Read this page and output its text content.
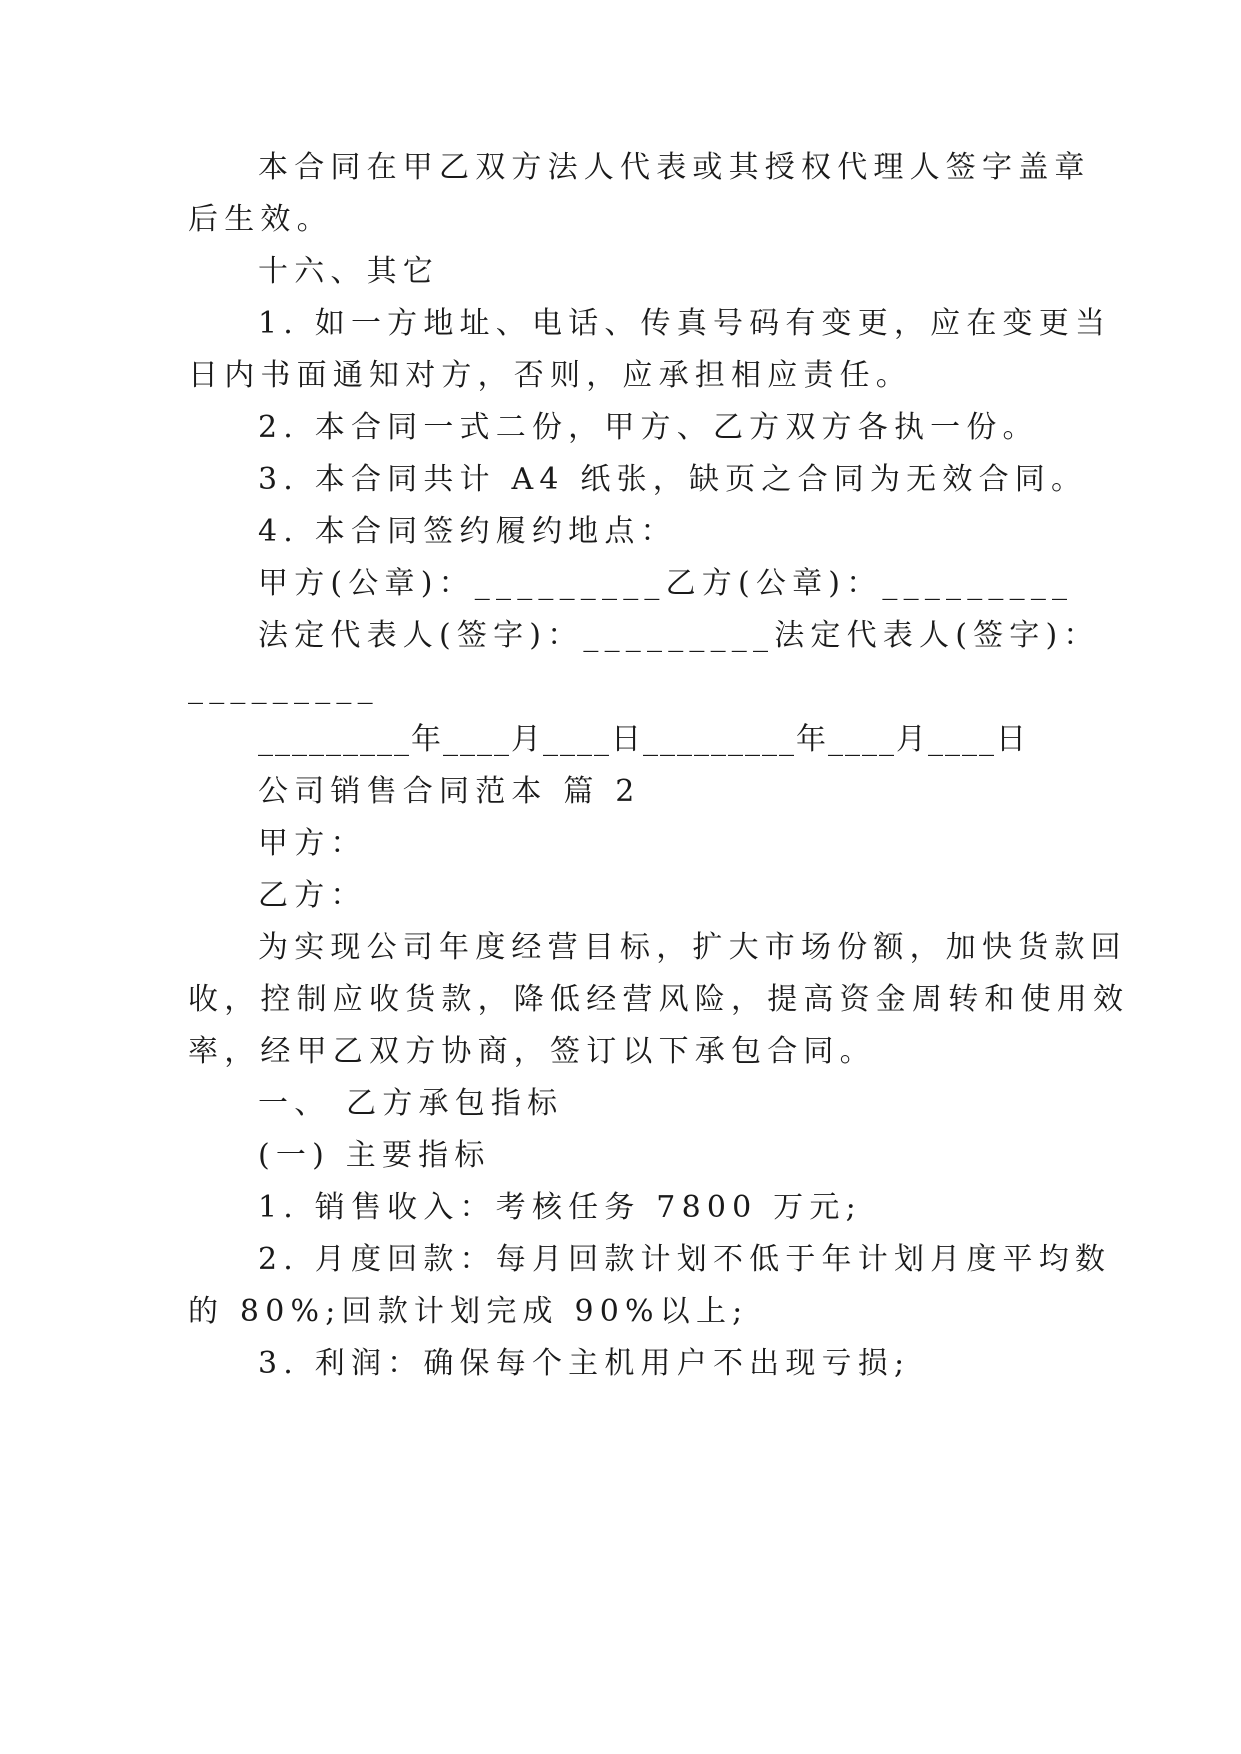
本合同在甲乙双方法人代表或其授权代理人签字盖章
后生效。
十六、其它
1. 如一方地址、电话、传真号码有变更，应在变更当
日内书面通知对方，否则，应承担相应责任。
2. 本合同一式二份，甲方、乙方双方各执一份。
3. 本合同共计 A4 纸张，缺页之合同为无效合同。
4. 本合同签约履约地点：
甲方(公章)：_________乙方(公章)：_________
法定代表人(签字)：_________法定代表人(签字)：
_________
_________年____月____日_________年____月____日
公司销售合同范本 篇 2
甲方：
乙方：
为实现公司年度经营目标，扩大市场份额，加快货款回
收，控制应收货款，降低经营风险，提高资金周转和使用效
率，经甲乙双方协商，签订以下承包合同。
一、 乙方承包指标
(一) 主要指标
1. 销售收入：考核任务 7800 万元;
2. 月度回款：每月回款计划不低于年计划月度平均数
的 80%;回款计划完成 90%以上;
3. 利润：确保每个主机用户不出现亏损;
